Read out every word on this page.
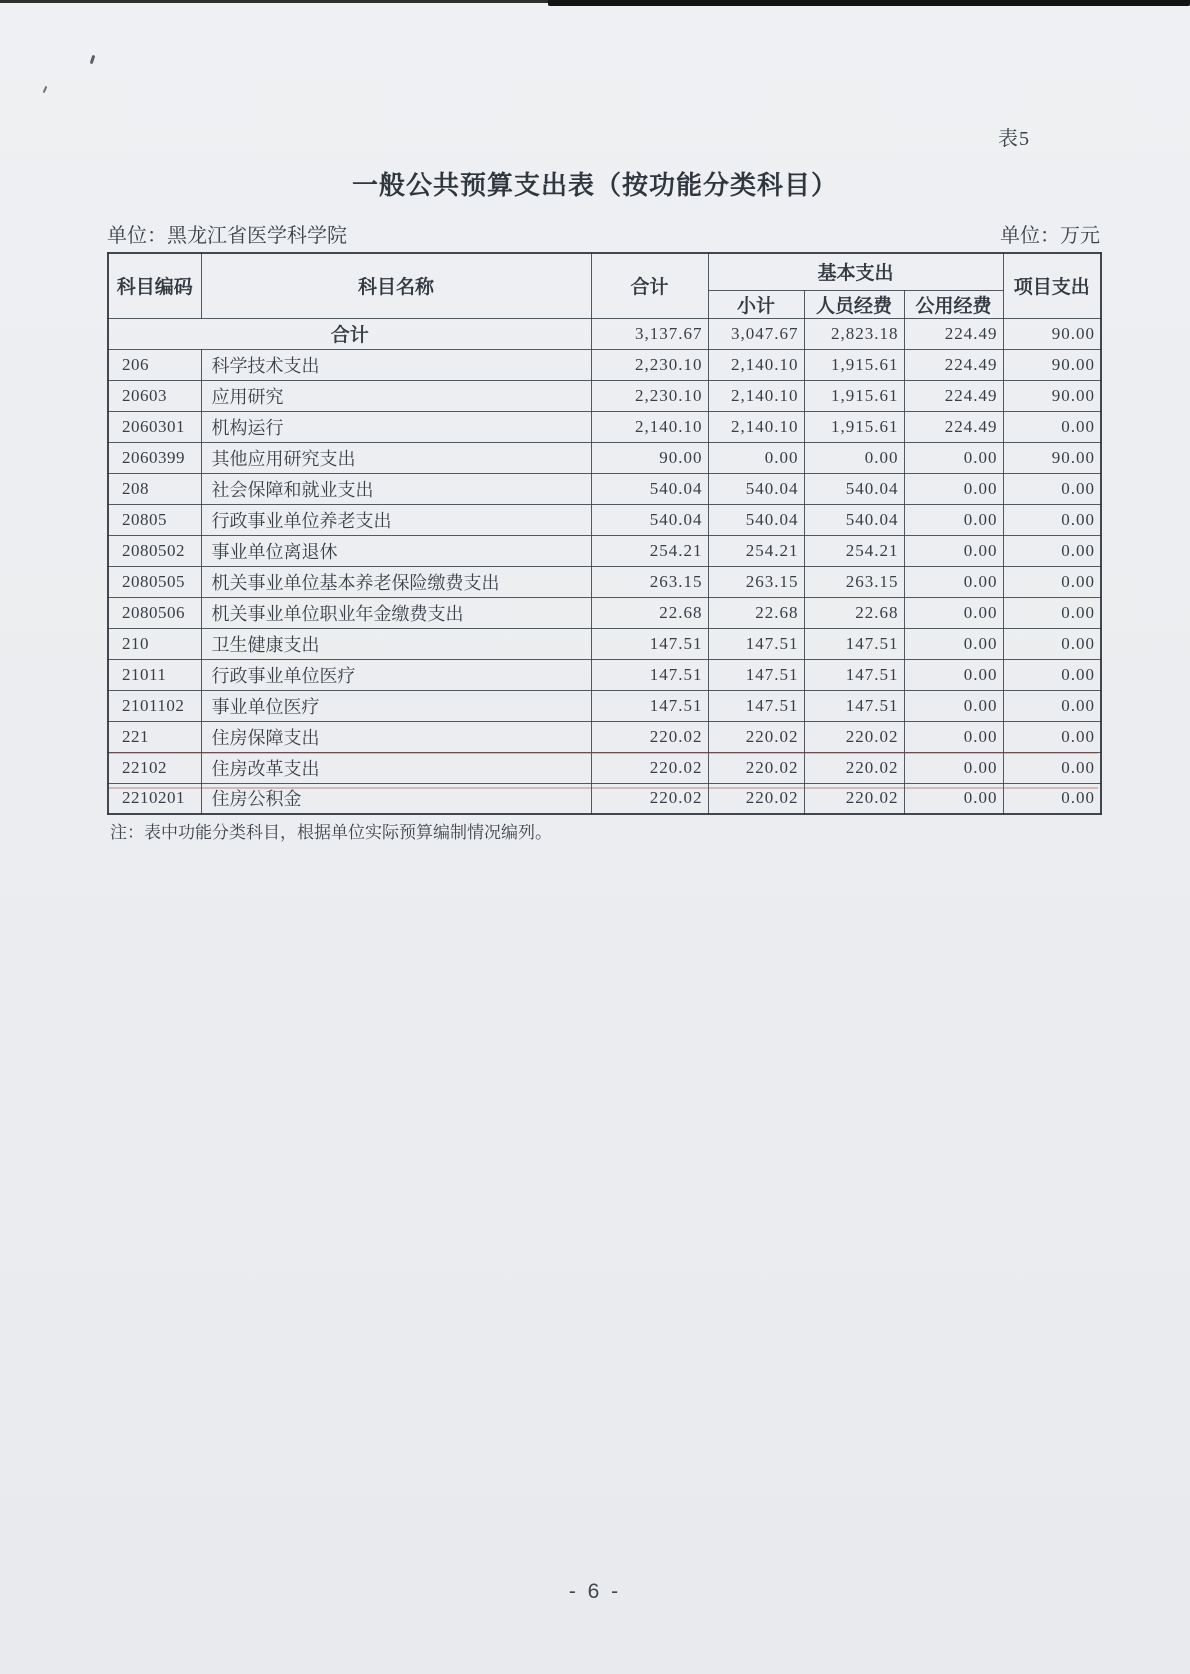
表5
一般公共预算支出表（按功能分类科目）
单位：黑龙江省医学科学院	单位：万元
科目编码	科目名称	合计	基本支出			项目支出
			小计	人员经费	公用经费	
合计		3,137.67	3,047.67	2,823.18	224.49	90.00
206	科学技术支出	2,230.10	2,140.10	1,915.61	224.49	90.00
20603	应用研究	2,230.10	2,140.10	1,915.61	224.49	90.00
2060301	机构运行	2,140.10	2,140.10	1,915.61	224.49	0.00
2060399	其他应用研究支出	90.00	0.00	0.00	0.00	90.00
208	社会保障和就业支出	540.04	540.04	540.04	0.00	0.00
20805	行政事业单位养老支出	540.04	540.04	540.04	0.00	0.00
2080502	事业单位离退休	254.21	254.21	254.21	0.00	0.00
2080505	机关事业单位基本养老保险缴费支出	263.15	263.15	263.15	0.00	0.00
2080506	机关事业单位职业年金缴费支出	22.68	22.68	22.68	0.00	0.00
210	卫生健康支出	147.51	147.51	147.51	0.00	0.00
21011	行政事业单位医疗	147.51	147.51	147.51	0.00	0.00
2101102	事业单位医疗	147.51	147.51	147.51	0.00	0.00
221	住房保障支出	220.02	220.02	220.02	0.00	0.00
22102	住房改革支出	220.02	220.02	220.02	0.00	0.00
2210201	住房公积金	220.02	220.02	220.02	0.00	0.00
注：表中功能分类科目，根据单位实际预算编制情况编列。
- 6 -
